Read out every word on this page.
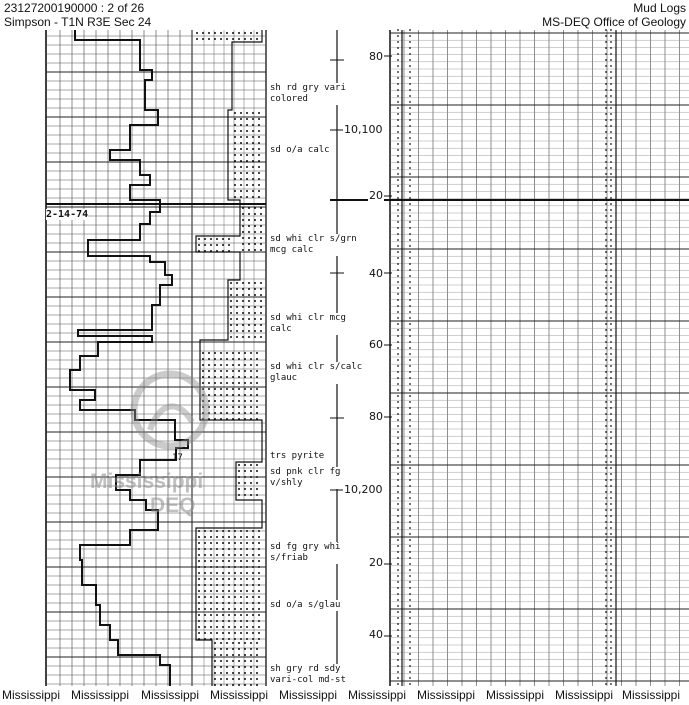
23127200190000 : 2 of 26
Simpson - T1N R3E Sec 24
Mud Logs
MS-DEQ Office of Geology
sh rd gry vari
colored
sd o/a calc
sd whi clr s/grn
mcg calc
sd whi clr mcg
calc
sd whi clr s/calc
glauc
trs pyrite
sd pnk clr fg
v/shly
sd fg gry whi
s/friab
sd o/a s/glau
sh gry rd sdy
vari-col md-st
2-14-74
17
10,100
10,200
80
20
40
60
80
20
40
Mississippi
DEQ
Mississippi Mississippi Mississippi Mississippi Mississippi Mississippi Mississippi Mississippi Mississippi Mississippi
